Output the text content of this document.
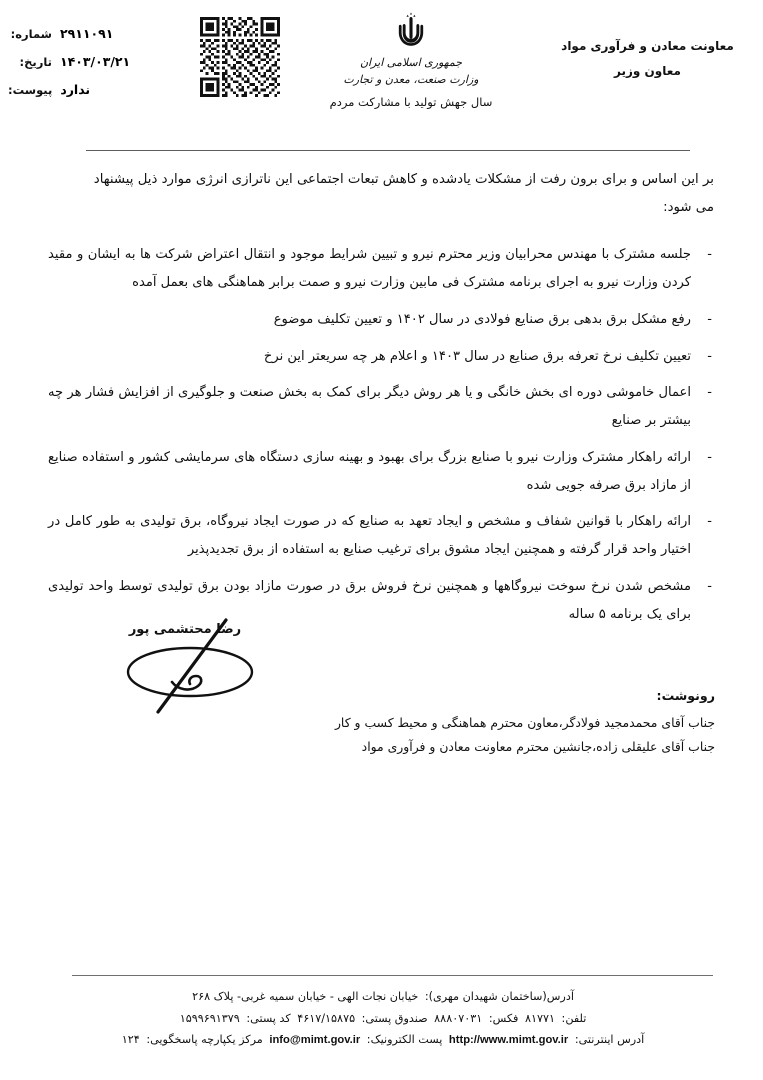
شماره: ۲۹۱۱۰۹۱
تاریخ: ۱۴۰۳/۰۳/۲۱
پیوست: ندارد
جمهوری اسلامی ایران
وزارت صنعت، معدن و تجارت
سال جهش تولید با مشارکت مردم
معاونت معادن و فرآوری مواد
معاون وزیر

بر این اساس و برای برون رفت از مشکلات یادشده و کاهش تبعات اجتماعی این ناترازی انرژی موارد ذیل پیشنهاد
می شود:

-
جلسه مشترک با مهندس محرابیان وزیر محترم نیرو و تبیین شرایط موجود و انتقال اعتراض شرکت ها به ایشان و مقید کردن وزارت نیرو به اجرای برنامه مشترک فی مابین وزارت نیرو و صمت برابر هماهنگی های بعمل آمده
-
رفع مشکل برق بدهی برق صنایع فولادی در سال ۱۴۰۲ و تعیین تکلیف موضوع
-
تعیین تکلیف نرخ تعرفه برق صنایع در سال ۱۴۰۳ و اعلام هر چه سریعتر این نرخ
-
اعمال خاموشی دوره ای بخش خانگی و یا هر روش دیگر برای کمک به بخش صنعت و جلوگیری از افزایش فشار هر چه بیشتر بر صنایع
-
ارائه راهکار مشترک وزارت نیرو با صنایع بزرگ برای بهبود و بهینه سازی دستگاه های سرمایشی کشور و استفاده صنایع از مازاد برق صرفه جویی شده
-
ارائه راهکار با قوانین شفاف و مشخص و ایجاد تعهد به صنایع که در صورت ایجاد نیروگاه، برق تولیدی به طور کامل در اختیار واحد قرار گرفته و همچنین ایجاد مشوق برای ترغیب صنایع به استفاده از برق تجدیدپذیر
-
مشخص شدن نرخ سوخت نیروگاهها و همچنین نرخ فروش برق در صورت مازاد بودن برق تولیدی توسط واحد تولیدی برای یک برنامه ۵ ساله
رضا محتشمی پور
رونوشت:
جناب آقای محمدمجید فولادگر،معاون محترم هماهنگی و محیط کسب و کار
جناب آقای علیقلی زاده،جانشین محترم معاونت معادن و فرآوری مواد
آدرس(ساختمان شهیدان مهری): خیابان نجات الهی - خیابان سمیه غربی- پلاک ۲۶۸
تلفن: ۸۱۷۷۱ فکس: ۸۸۸۰۷۰۳۱ صندوق پستی: ۴۶۱۷/۱۵۸۷۵ کد پستی: ۱۵۹۹۶۹۱۳۷۹
آدرس اینترنتی: http://www.mimt.gov.ir پست الکترونیک: info@mimt.gov.ir مرکز یکپارچه پاسخگویی: ۱۲۴
